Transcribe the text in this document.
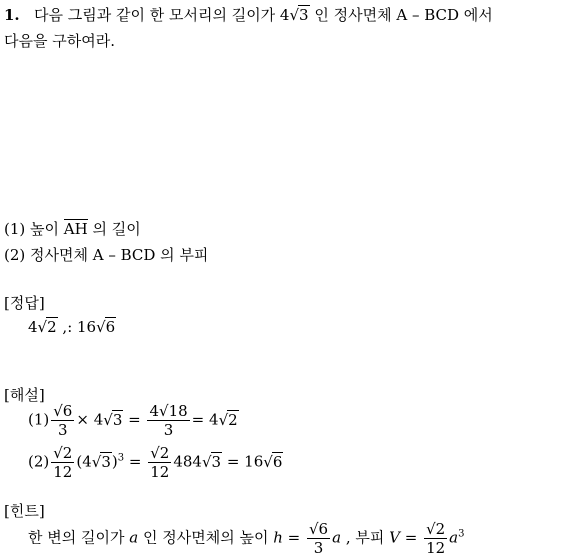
1.   다음 그림과 같이 한 모서리의 길이가 4√3 인 정사면체 A – BCD 에서
다음을 구하여라.
(1) 높이 AH 의 길이
(2) 정사면체 A – BCD 의 부피
[정답]
4√2 ,: 16√6
[해설]
$(1) \frac{√6}{3} \times 4√3 = \frac{4√18}{3} = 4√2$
$(2) \frac{√2}{12} (4√3)^3 = \frac{√2}{12} 484√3 = 16√6$
[힌트]
한 변의 길이가 a 인 정사면체의 높이 $h = \frac{√6}{3}$ a , 부피 $V = \frac{√2}{12} a^3$
